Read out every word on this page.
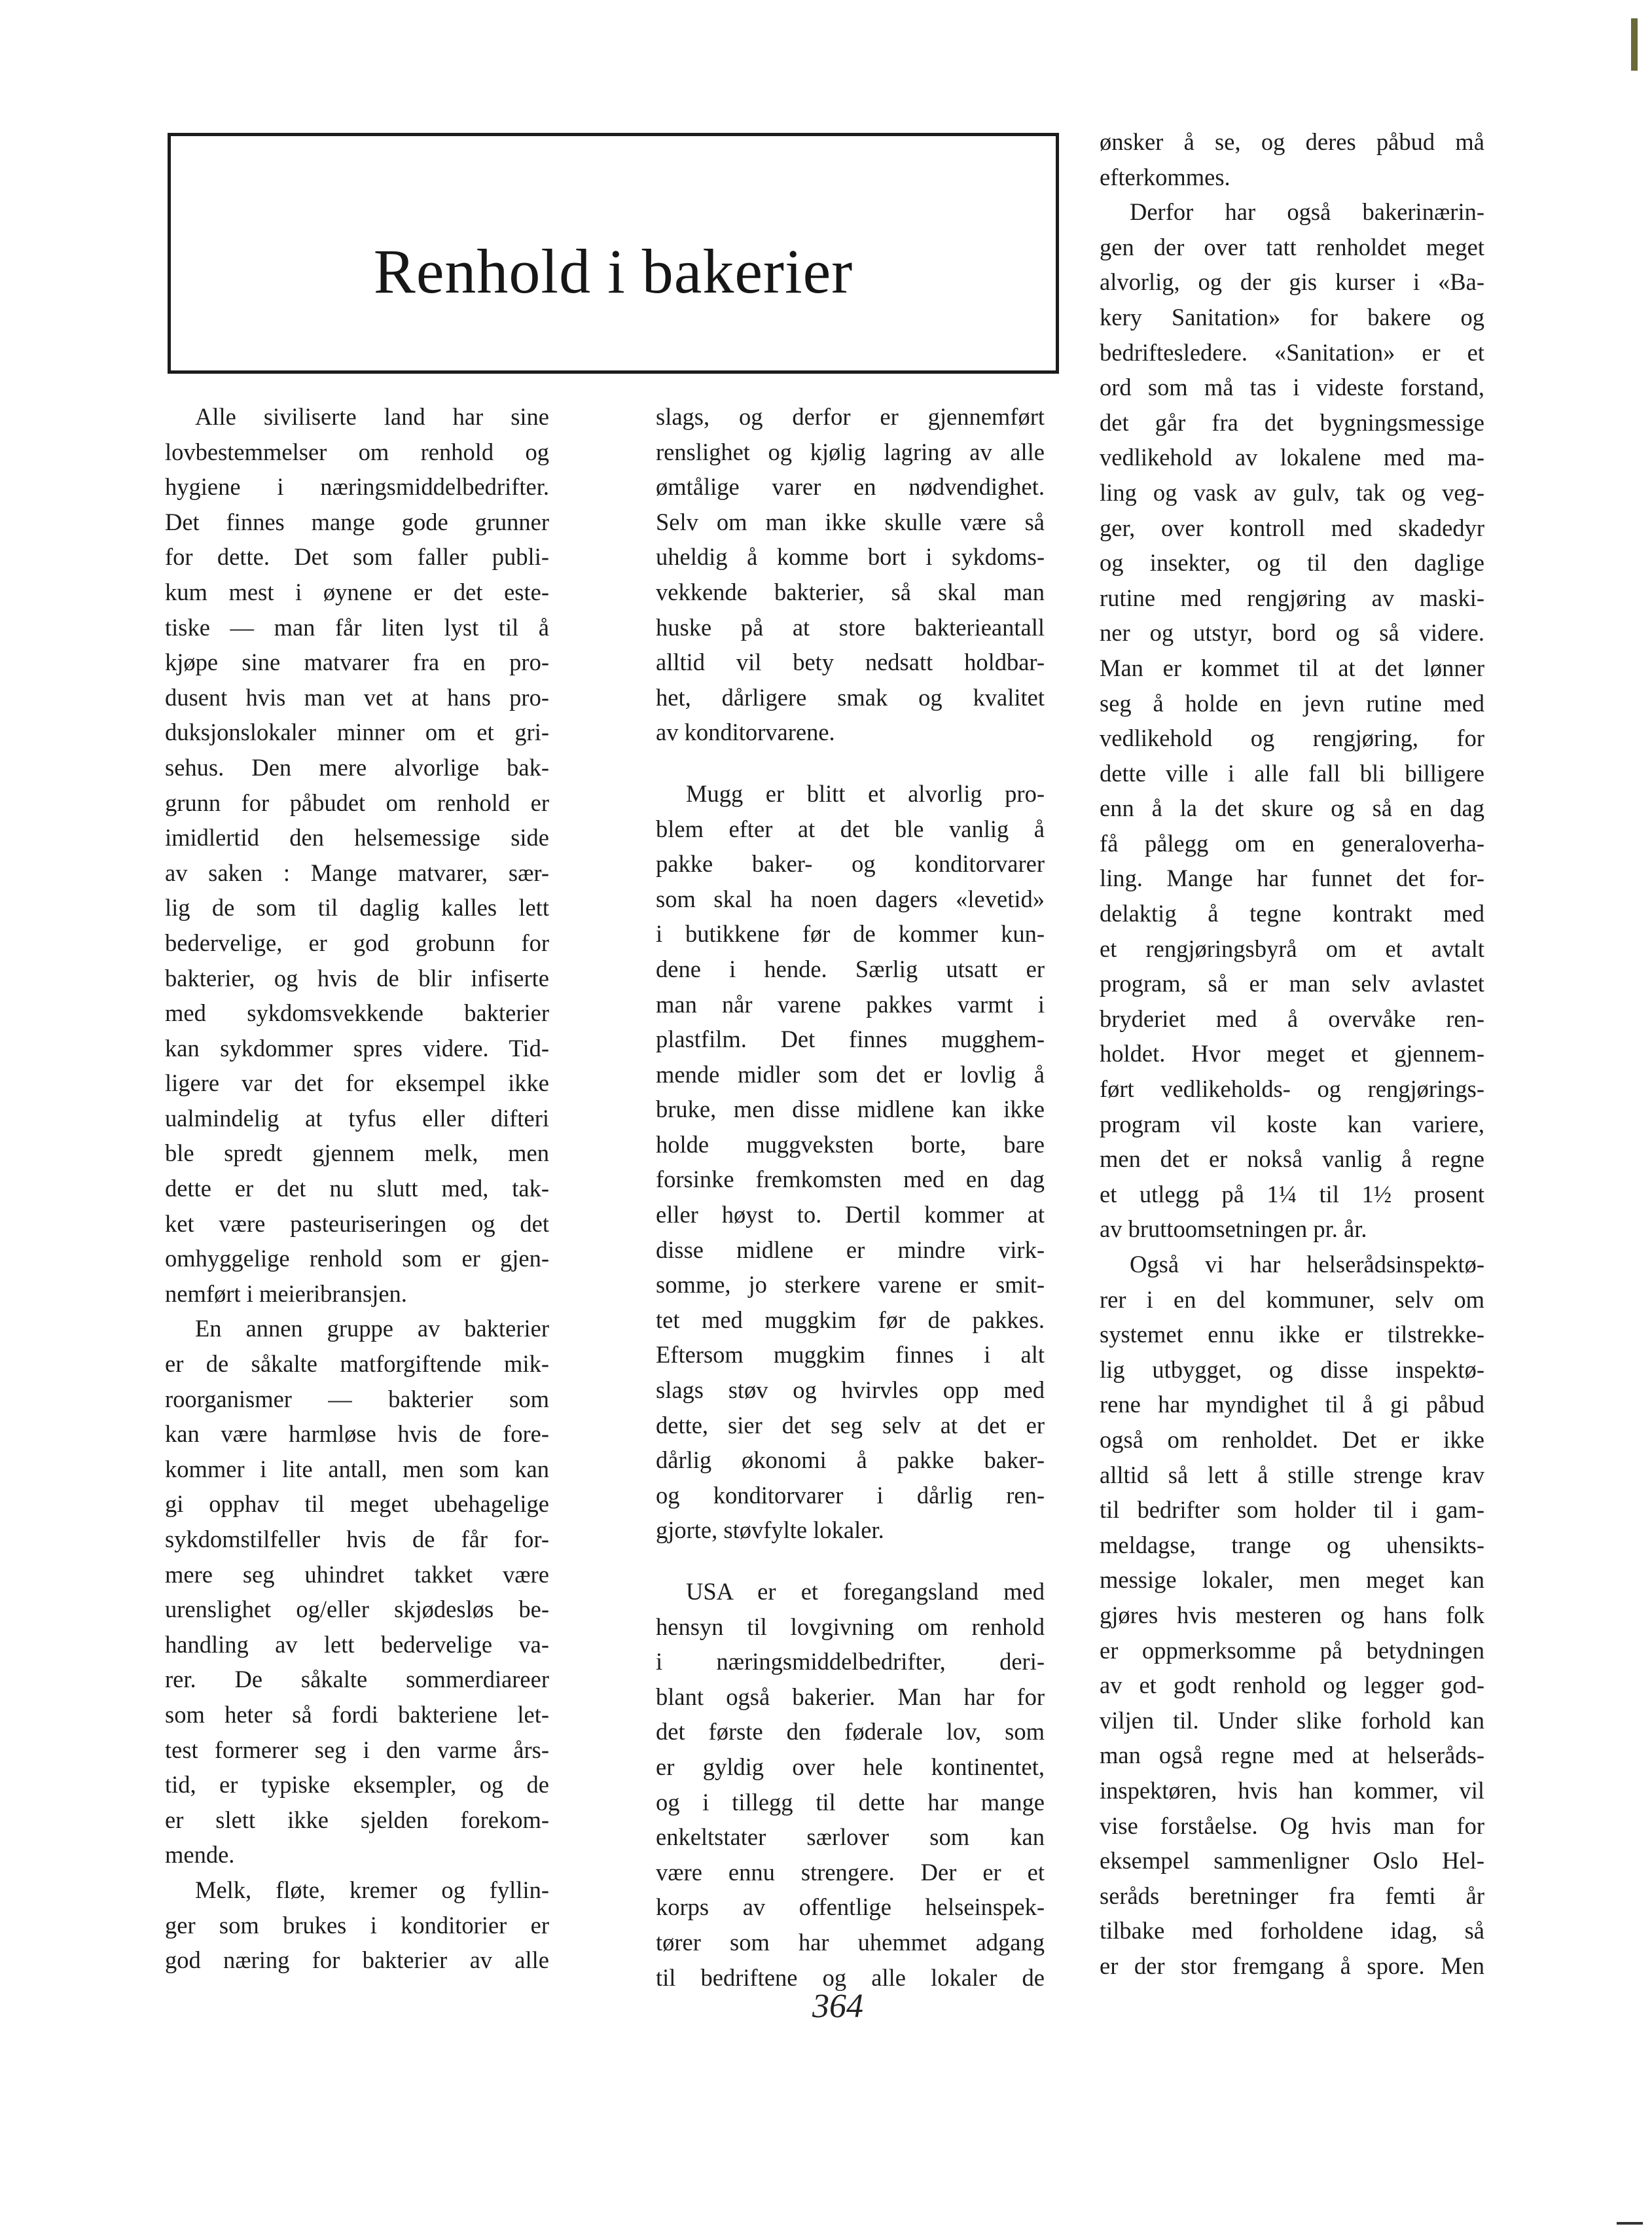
Renhold i bakerier
Alle siviliserte land har sine
lovbestemmelser om renhold og
hygiene i næringsmiddelbedrifter.
Det finnes mange gode grunner
for dette. Det som faller publi-
kum mest i øynene er det este-
tiske — man får liten lyst til å
kjøpe sine matvarer fra en pro-
dusent hvis man vet at hans pro-
duksjonslokaler minner om et gri-
sehus. Den mere alvorlige bak-
grunn for påbudet om renhold er
imidlertid den helsemessige side
av saken : Mange matvarer, sær-
lig de som til daglig kalles lett
bedervelige, er god grobunn for
bakterier, og hvis de blir infiserte
med sykdomsvekkende bakterier
kan sykdommer spres videre. Tid-
ligere var det for eksempel ikke
ualmindelig at tyfus eller difteri
ble spredt gjennem melk, men
dette er det nu slutt med, tak-
ket være pasteuriseringen og det
omhyggelige renhold som er gjen-
nemført i meieribransjen.
En annen gruppe av bakterier
er de såkalte matforgiftende mik-
roorganismer — bakterier som
kan være harmløse hvis de fore-
kommer i lite antall, men som kan
gi opphav til meget ubehagelige
sykdomstilfeller hvis de får for-
mere seg uhindret takket være
urenslighet og/eller skjødesløs be-
handling av lett bedervelige va-
rer. De såkalte sommerdiareer
som heter så fordi bakteriene let-
test formerer seg i den varme års-
tid, er typiske eksempler, og de
er slett ikke sjelden forekom-
mende.
Melk, fløte, kremer og fyllin-
ger som brukes i konditorier er
god næring for bakterier av alle
slags, og derfor er gjennemført
renslighet og kjølig lagring av alle
ømtålige varer en nødvendighet.
Selv om man ikke skulle være så
uheldig å komme bort i sykdoms-
vekkende bakterier, så skal man
huske på at store bakterieantall
alltid vil bety nedsatt holdbar-
het, dårligere smak og kvalitet
av konditorvarene.
Mugg er blitt et alvorlig pro-
blem efter at det ble vanlig å
pakke baker- og konditorvarer
som skal ha noen dagers «levetid»
i butikkene før de kommer kun-
dene i hende. Særlig utsatt er
man når varene pakkes varmt i
plastfilm. Det finnes mugghem-
mende midler som det er lovlig å
bruke, men disse midlene kan ikke
holde muggveksten borte, bare
forsinke fremkomsten med en dag
eller høyst to. Dertil kommer at
disse midlene er mindre virk-
somme, jo sterkere varene er smit-
tet med muggkim før de pakkes.
Eftersom muggkim finnes i alt
slags støv og hvirvles opp med
dette, sier det seg selv at det er
dårlig økonomi å pakke baker-
og konditorvarer i dårlig ren-
gjorte, støvfylte lokaler.
USA er et foregangsland med
hensyn til lovgivning om renhold
i næringsmiddelbedrifter, deri-
blant også bakerier. Man har for
det første den føderale lov, som
er gyldig over hele kontinentet,
og i tillegg til dette har mange
enkeltstater særlover som kan
være ennu strengere. Der er et
korps av offentlige helseinspek-
tører som har uhemmet adgang
til bedriftene og alle lokaler de
ønsker å se, og deres påbud må
efterkommes.
Derfor har også bakerinærin-
gen der over tatt renholdet meget
alvorlig, og der gis kurser i «Ba-
kery Sanitation» for bakere og
bedriftesledere. «Sanitation» er et
ord som må tas i videste forstand,
det går fra det bygningsmessige
vedlikehold av lokalene med ma-
ling og vask av gulv, tak og veg-
ger, over kontroll med skadedyr
og insekter, og til den daglige
rutine med rengjøring av maski-
ner og utstyr, bord og så videre.
Man er kommet til at det lønner
seg å holde en jevn rutine med
vedlikehold og rengjøring, for
dette ville i alle fall bli billigere
enn å la det skure og så en dag
få pålegg om en generaloverha-
ling. Mange har funnet det for-
delaktig å tegne kontrakt med
et rengjøringsbyrå om et avtalt
program, så er man selv avlastet
bryderiet med å overvåke ren-
holdet. Hvor meget et gjennem-
ført vedlikeholds- og rengjørings-
program vil koste kan variere,
men det er nokså vanlig å regne
et utlegg på 1¼ til 1½ prosent
av bruttoomsetningen pr. år.
Også vi har helserådsinspektø-
rer i en del kommuner, selv om
systemet ennu ikke er tilstrekke-
lig utbygget, og disse inspektø-
rene har myndighet til å gi påbud
også om renholdet. Det er ikke
alltid så lett å stille strenge krav
til bedrifter som holder til i gam-
meldagse, trange og uhensikts-
messige lokaler, men meget kan
gjøres hvis mesteren og hans folk
er oppmerksomme på betydningen
av et godt renhold og legger god-
viljen til. Under slike forhold kan
man også regne med at helseråds-
inspektøren, hvis han kommer, vil
vise forståelse. Og hvis man for
eksempel sammenligner Oslo Hel-
seråds beretninger fra femti år
tilbake med forholdene idag, så
er der stor fremgang å spore. Men
364
